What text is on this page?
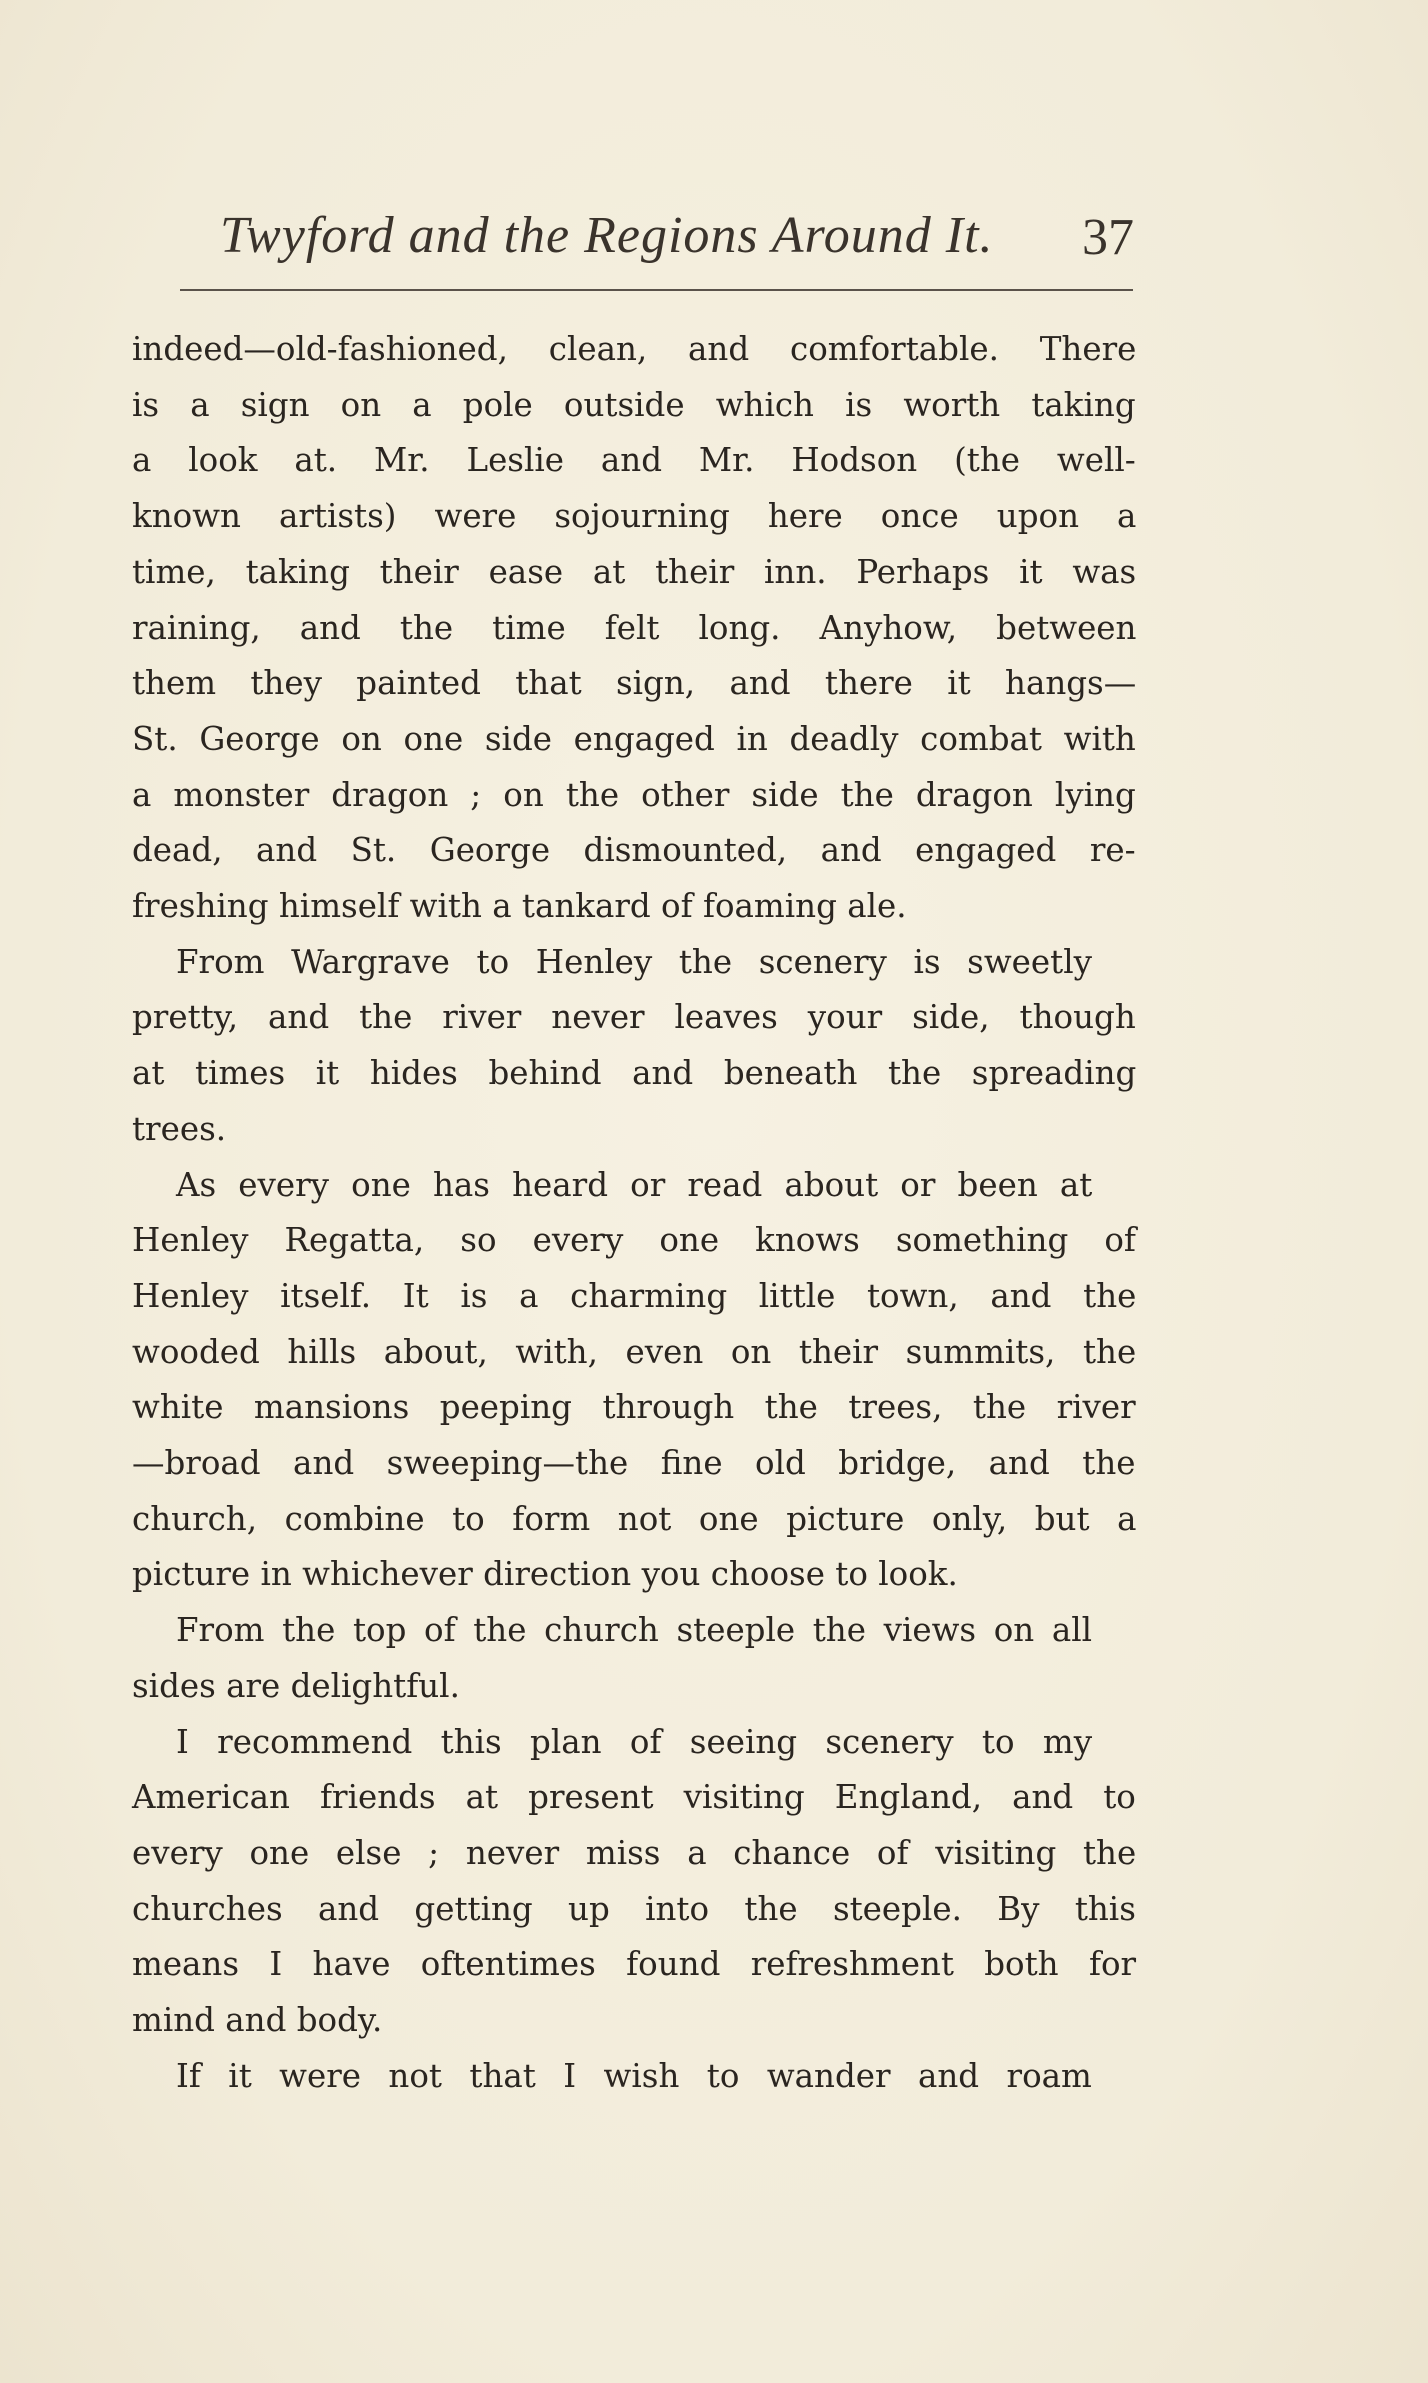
Twyford and the Regions Around It. 37
indeed—old-fashioned, clean, and comfortable. There
is a sign on a pole outside which is worth taking
a look at. Mr. Leslie and Mr. Hodson (the well-
known artists) were sojourning here once upon a
time, taking their ease at their inn. Perhaps it was
raining, and the time felt long. Anyhow, between
them they painted that sign, and there it hangs—
St. George on one side engaged in deadly combat with
a monster dragon ; on the other side the dragon lying
dead, and St. George dismounted, and engaged re-
freshing himself with a tankard of foaming ale.
From Wargrave to Henley the scenery is sweetly
pretty, and the river never leaves your side, though
at times it hides behind and beneath the spreading
trees.
As every one has heard or read about or been at
Henley Regatta, so every one knows something of
Henley itself. It is a charming little town, and the
wooded hills about, with, even on their summits, the
white mansions peeping through the trees, the river
—broad and sweeping—the fine old bridge, and the
church, combine to form not one picture only, but a
picture in whichever direction you choose to look.
From the top of the church steeple the views on all
sides are delightful.
I recommend this plan of seeing scenery to my
American friends at present visiting England, and to
every one else ; never miss a chance of visiting the
churches and getting up into the steeple. By this
means I have oftentimes found refreshment both for
mind and body.
If it were not that I wish to wander and roam
